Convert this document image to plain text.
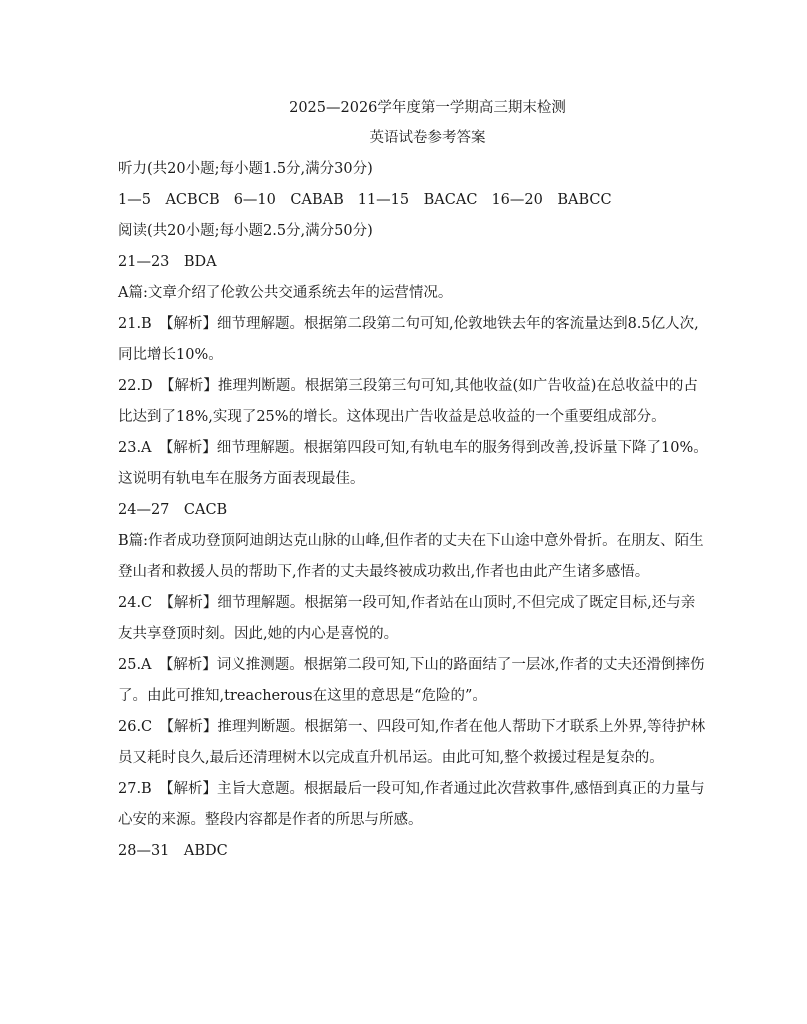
2025—2026学年度第一学期高三期末检测

英语试卷参考答案

听力(共20小题;每小题1.5分,满分30分)

1—5　ACBCB 6—10　CABAB 11—15　BACAC 16—20　BABCC

阅读(共20小题;每小题2.5分,满分50分)

21—23　BDA

A篇:文章介绍了伦敦公共交通系统去年的运营情况。

21.B　【解析】细节理解题。根据第二段第二句可知,伦敦地铁去年的客流量达到8.5亿人次,

同比增长10%。

22.D　【解析】推理判断题。根据第三段第三句可知,其他收益(如广告收益)在总收益中的占

比达到了18%,实现了25%的增长。这体现出广告收益是总收益的一个重要组成部分。

23.A　【解析】细节理解题。根据第四段可知,有轨电车的服务得到改善,投诉量下降了10%。

这说明有轨电车在服务方面表现最佳。

24—27　CACB

B篇:作者成功登顶阿迪朗达克山脉的山峰,但作者的丈夫在下山途中意外骨折。在朋友、陌生

登山者和救援人员的帮助下,作者的丈夫最终被成功救出,作者也由此产生诸多感悟。

24.C　【解析】细节理解题。根据第一段可知,作者站在山顶时,不但完成了既定目标,还与亲

友共享登顶时刻。因此,她的内心是喜悦的。

25.A　【解析】词义推测题。根据第二段可知,下山的路面结了一层冰,作者的丈夫还滑倒摔伤

了。由此可推知,treacherous在这里的意思是“危险的”。

26.C　【解析】推理判断题。根据第一、四段可知,作者在他人帮助下才联系上外界,等待护林

员又耗时良久,最后还清理树木以完成直升机吊运。由此可知,整个救援过程是复杂的。

27.B　【解析】主旨大意题。根据最后一段可知,作者通过此次营救事件,感悟到真正的力量与

心安的来源。整段内容都是作者的所思与所感。

28—31　ABDC
